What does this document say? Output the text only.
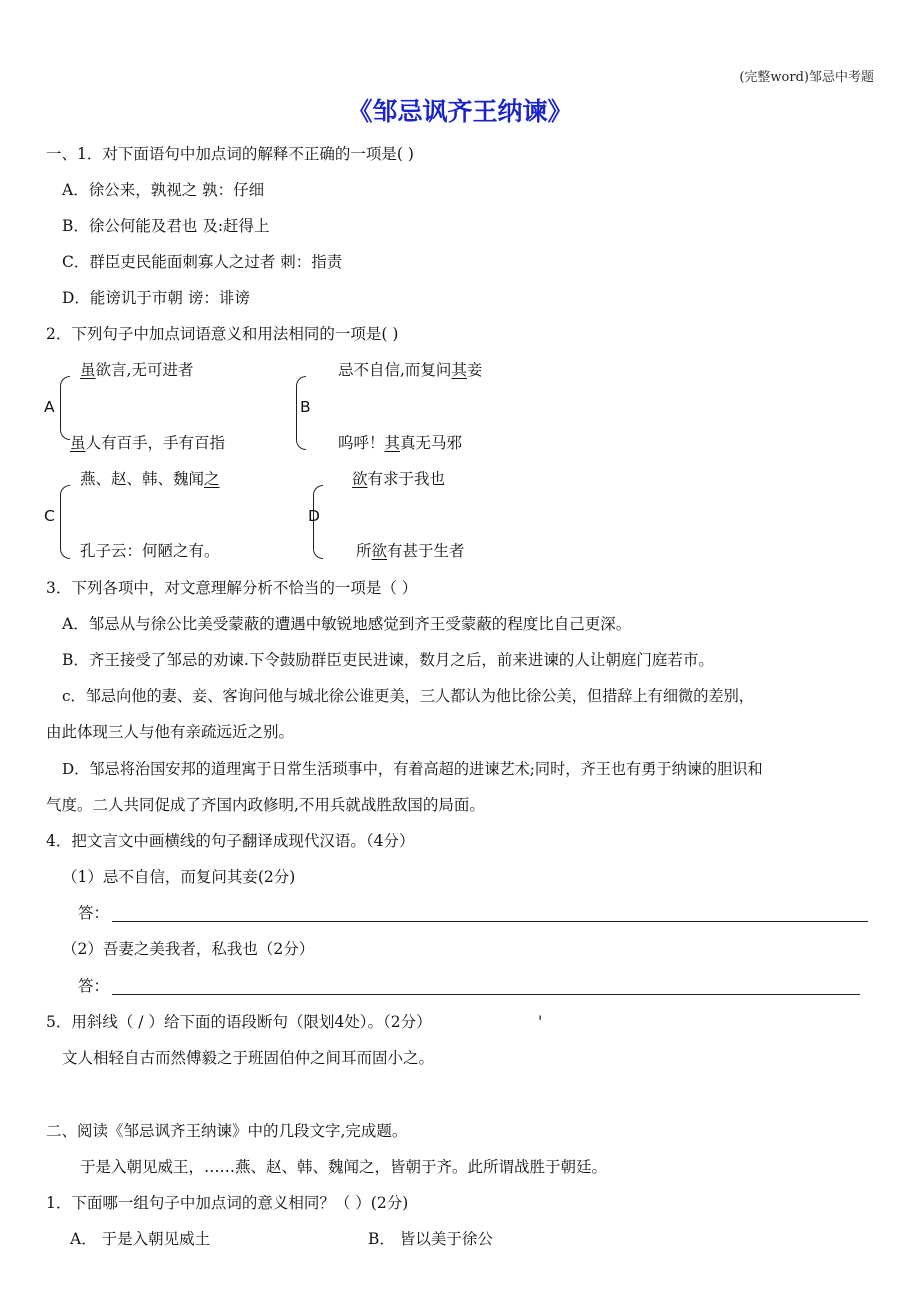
(完整word)邹忌中考题
《邹忌讽齐王纳谏》
一、1．对下面语句中加点词的解释不正确的一项是( )
A．徐公来，孰视之 孰：仔细
B．徐公何能及君也 及:赶得上
C．群臣吏民能面刺寡人之过者 刺：指责
D．能谤讥于市朝 谤：诽谤
2．下列句子中加点词语意义和用法相同的一项是( )
虽欲言,无可进者
A
虽人有百手，手有百指
忌不自信,而复问其妾
B
呜呼！其真无马邪
燕、赵、韩、魏闻之
C
孔子云：何陋之有。
欲有求于我也
D
所欲有甚于生者
3．下列各项中，对文意理解分析不恰当的一项是（ ）
A．邹忌从与徐公比美受蒙蔽的遭遇中敏锐地感觉到齐王受蒙蔽的程度比自己更深。
B．齐王接受了邹忌的劝谏.下令鼓励群臣吏民进谏，数月之后，前来进谏的人让朝庭门庭若市。
c．邹忌向他的妻、妾、客询问他与城北徐公谁更美，三人都认为他比徐公美，但措辞上有细微的差别，
由此体现三人与他有亲疏远近之别。
D．邹忌将治国安邦的道理寓于日常生活琐事中，有着高超的进谏艺术;同时，齐王也有勇于纳谏的胆识和
气度。二人共同促成了齐国内政修明,不用兵就战胜敌国的局面。
4．把文言文中画横线的句子翻译成现代汉语。（4分）
（1）忌不自信，而复问其妾(2分)
答：
（2）吾妻之美我者，私我也（2分）
答：
5．用斜线（ / ）给下面的语段断句（限划4处）。（2分）	'
文人相轻自古而然傅毅之于班固伯仲之间耳而固小之。
二、阅读《邹忌讽齐王纳谏》中的几段文字,完成题。
于是入朝见威王，……燕、赵、韩、魏闻之，皆朝于齐。此所谓战胜于朝廷。
1．下面哪一组句子中加点词的意义相同？（ ）(2分)
A． 于是入朝见威土	B． 皆以美于徐公
